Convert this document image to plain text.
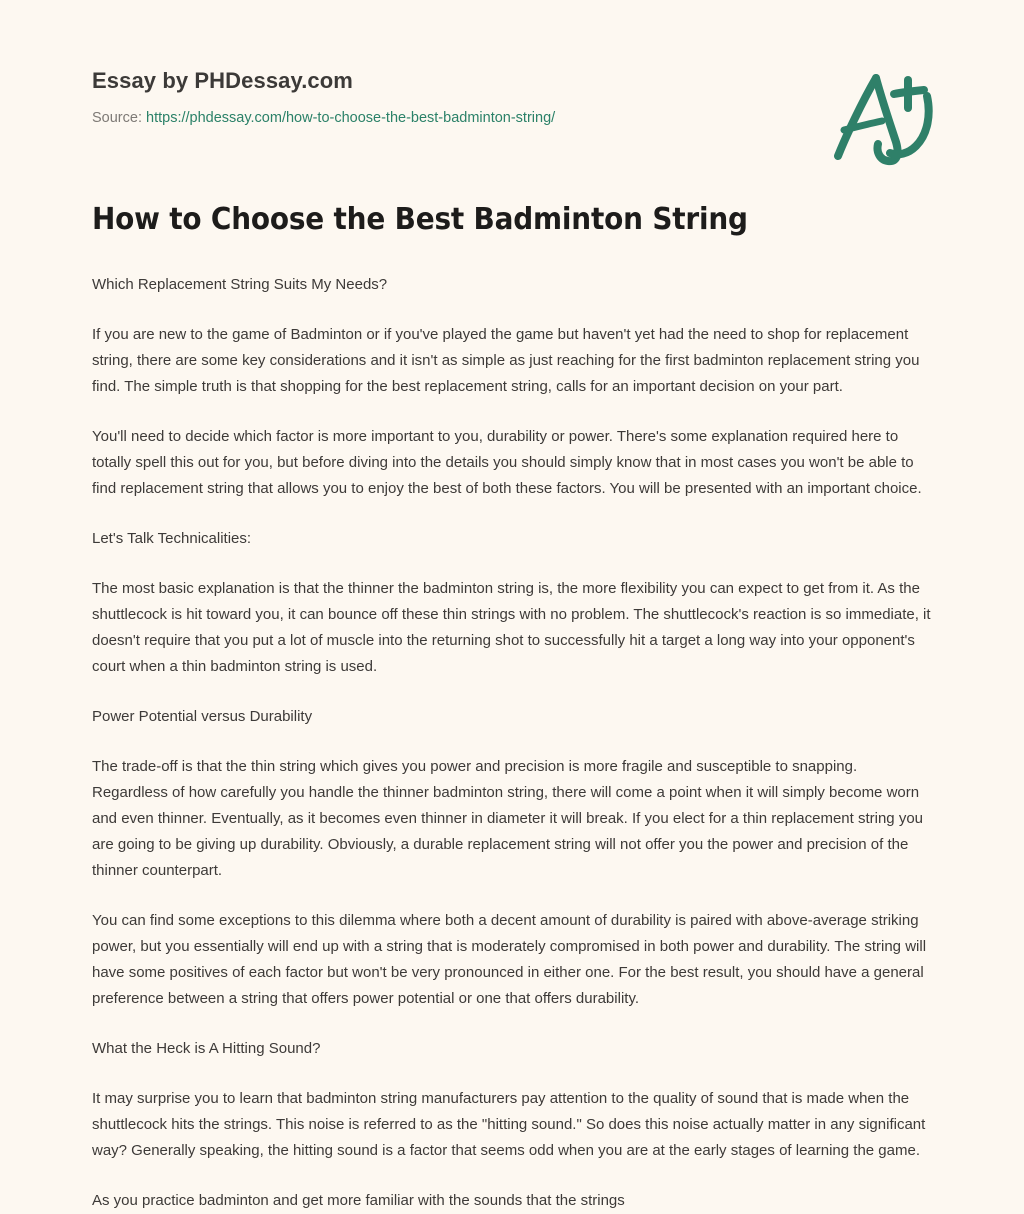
Essay by PHDessay.com
Source: https://phdessay.com/how-to-choose-the-best-badminton-string/
How to Choose the Best Badminton String

Which Replacement String Suits My Needs?

If you are new to the game of Badminton or if you've played the game but haven't yet had the need to shop for replacement string, there are some key considerations and it isn't as simple as just reaching for the first badminton replacement string you find. The simple truth is that shopping for the best replacement string, calls for an important decision on your part.

You'll need to decide which factor is more important to you, durability or power. There's some explanation required here to totally spell this out for you, but before diving into the details you should simply know that in most cases you won't be able to find replacement string that allows you to enjoy the best of both these factors. You will be presented with an important choice.

Let's Talk Technicalities:

The most basic explanation is that the thinner the badminton string is, the more flexibility you can expect to get from it. As the shuttlecock is hit toward you, it can bounce off these thin strings with no problem. The shuttlecock's reaction is so immediate, it doesn't require that you put a lot of muscle into the returning shot to successfully hit a target a long way into your opponent's court when a thin badminton string is used.

Power Potential versus Durability

The trade-off is that the thin string which gives you power and precision is more fragile and susceptible to snapping. Regardless of how carefully you handle the thinner badminton string, there will come a point when it will simply become worn and even thinner. Eventually, as it becomes even thinner in diameter it will break. If you elect for a thin replacement string you are going to be giving up durability. Obviously, a durable replacement string will not offer you the power and precision of the thinner counterpart.

You can find some exceptions to this dilemma where both a decent amount of durability is paired with above-average striking power, but you essentially will end up with a string that is moderately compromised in both power and durability. The string will have some positives of each factor but won't be very pronounced in either one. For the best result, you should have a general preference between a string that offers power potential or one that offers durability.

What the Heck is A Hitting Sound?

It may surprise you to learn that badminton string manufacturers pay attention to the quality of sound that is made when the shuttlecock hits the strings. This noise is referred to as the "hitting sound." So does this noise actually matter in any significant way? Generally speaking, the hitting sound is a factor that seems odd when you are at the early stages of learning the game.

As you practice badminton and get more familiar with the sounds that the strings
